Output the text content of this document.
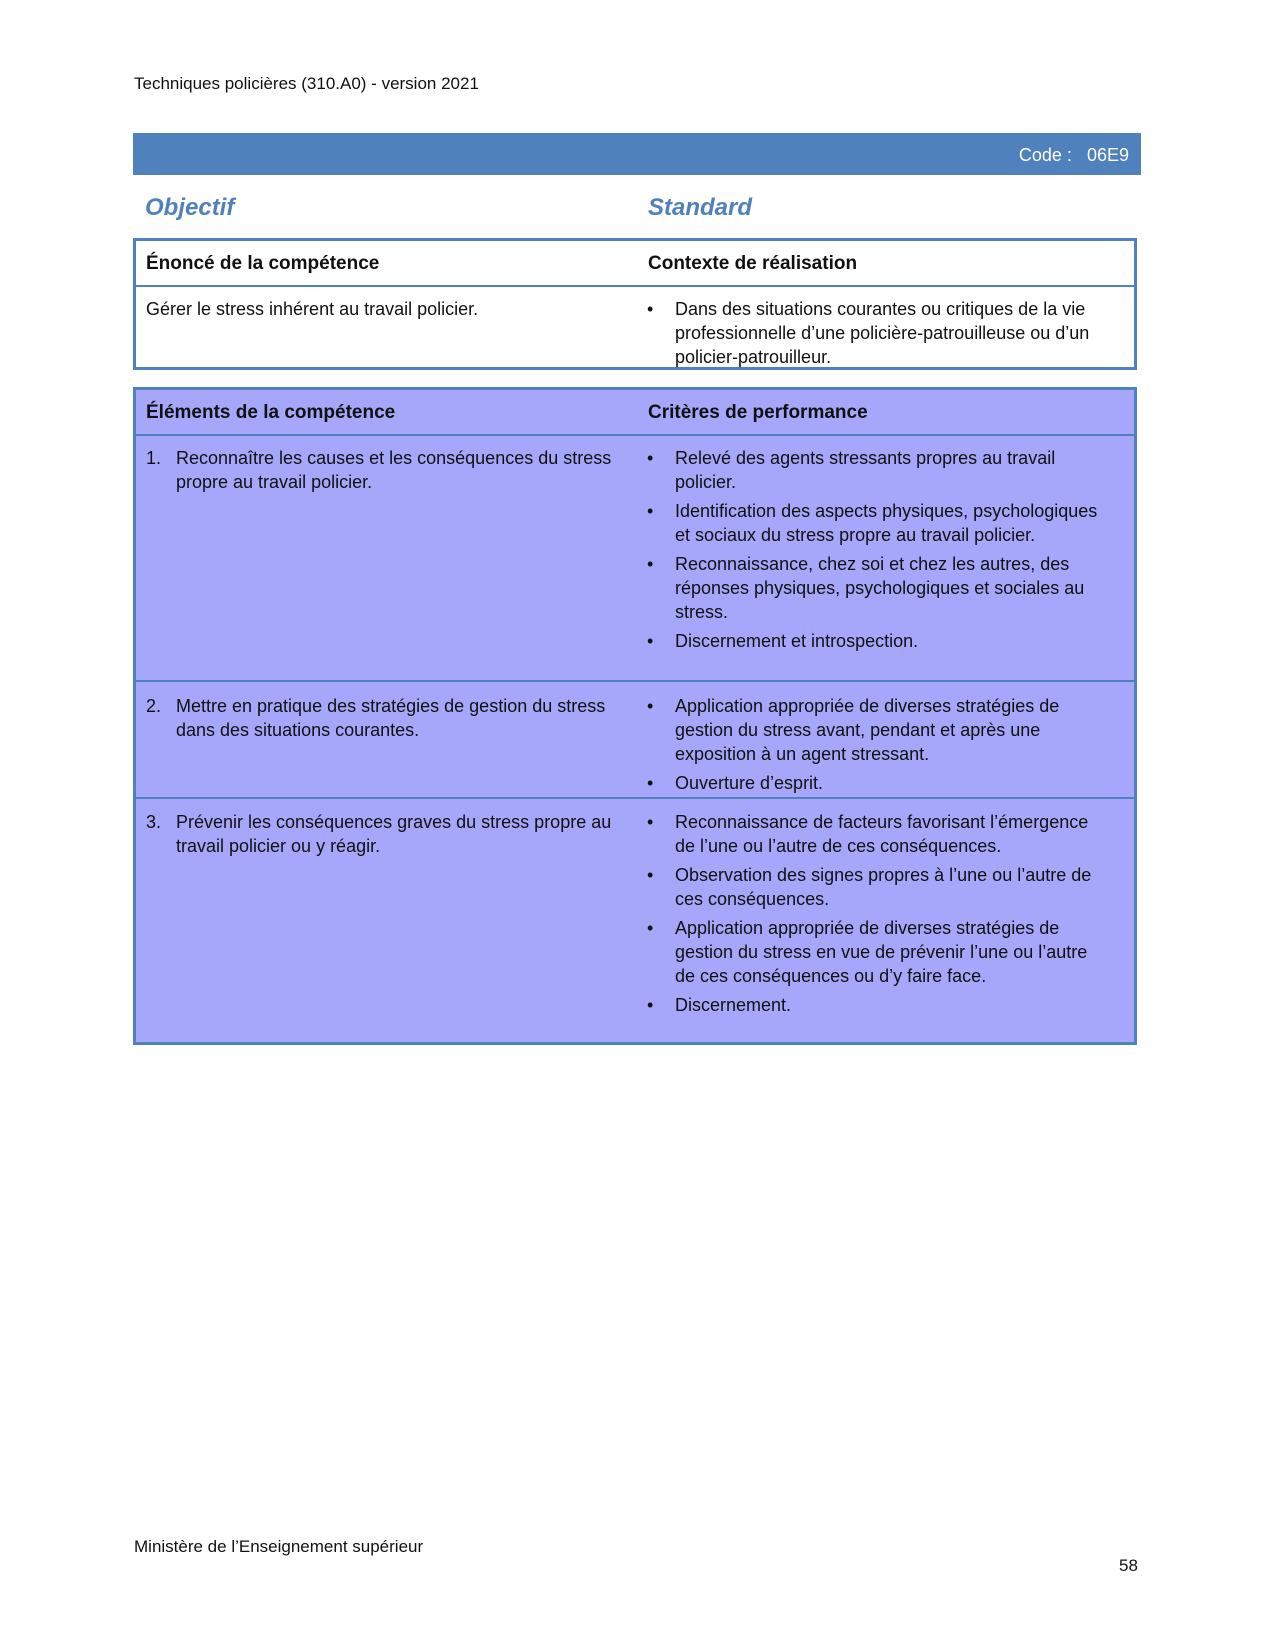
Techniques policières (310.A0) - version 2021
Code : 06E9
Objectif	Standard
Énoncé de la compétence	Contexte de réalisation
Gérer le stress inhérent au travail policier.
•	Dans des situations courantes ou critiques de la vie professionnelle d’une policière-patrouilleuse ou d’un policier-patrouilleur.
Éléments de la compétence	Critères de performance
1. Reconnaître les causes et les conséquences du stress propre au travail policier.
• Relevé des agents stressants propres au travail policier.
• Identification des aspects physiques, psychologiques et sociaux du stress propre au travail policier.
• Reconnaissance, chez soi et chez les autres, des réponses physiques, psychologiques et sociales au stress.
• Discernement et introspection.
2. Mettre en pratique des stratégies de gestion du stress dans des situations courantes.
• Application appropriée de diverses stratégies de gestion du stress avant, pendant et après une exposition à un agent stressant.
• Ouverture d’esprit.
3. Prévenir les conséquences graves du stress propre au travail policier ou y réagir.
• Reconnaissance de facteurs favorisant l’émergence de l’une ou l’autre de ces conséquences.
• Observation des signes propres à l’une ou l’autre de ces conséquences.
• Application appropriée de diverses stratégies de gestion du stress en vue de prévenir l’une ou l’autre de ces conséquences ou d’y faire face.
• Discernement.
Ministère de l’Enseignement supérieur
58
